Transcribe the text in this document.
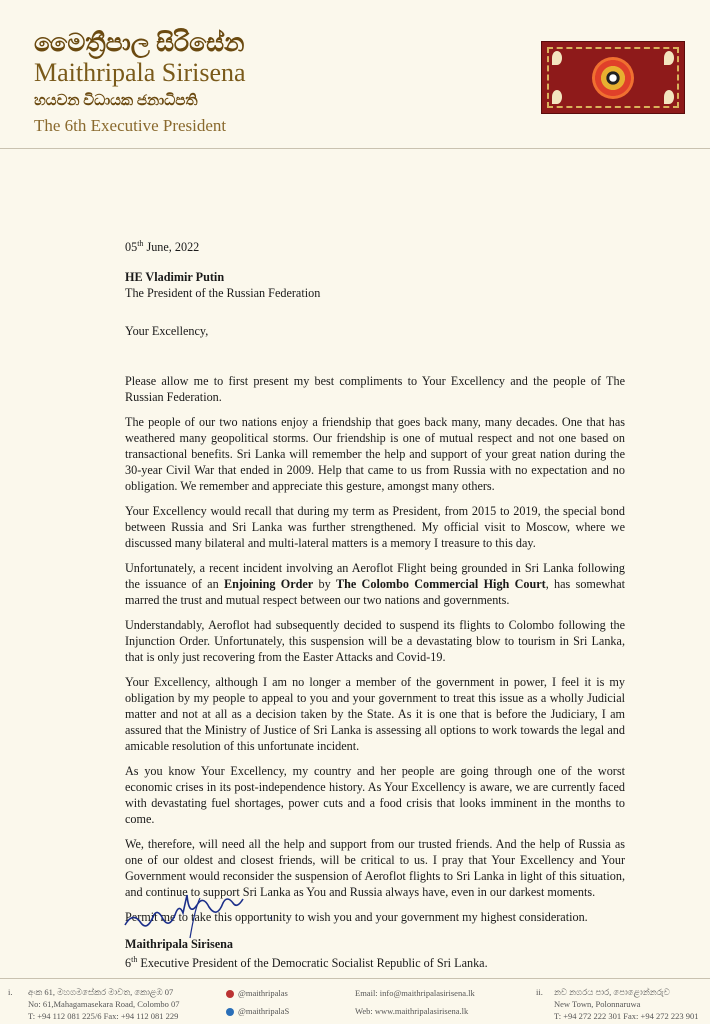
මෛත්‍රීපාල සිරිසේන
Maithripala Sirisena
හයවන විධායක ජනාධිපති
The 6th Executive President

05th June, 2022

HE Vladimir Putin

The President of the Russian Federation

Your Excellency,

Please allow me to first present my best compliments to Your Excellency and the people of The Russian Federation.

The people of our two nations enjoy a friendship that goes back many, many decades. One that has weathered many geopolitical storms. Our friendship is one of mutual respect and not one based on transactional benefits. Sri Lanka will remember the help and support of your great nation during the 30-year Civil War that ended in 2009. Help that came to us from Russia with no expectation and no obligation. We remember and appreciate this gesture, amongst many others.

Your Excellency would recall that during my term as President, from 2015 to 2019, the special bond between Russia and Sri Lanka was further strengthened. My official visit to Moscow, where we discussed many bilateral and multi-lateral matters is a memory I treasure to this day.

Unfortunately, a recent incident involving an Aeroflot Flight being grounded in Sri Lanka following the issuance of an Enjoining Order by The Colombo Commercial High Court, has somewhat marred the trust and mutual respect between our two nations and governments.

Understandably, Aeroflot had subsequently decided to suspend its flights to Colombo following the Injunction Order. Unfortunately, this suspension will be a devastating blow to tourism in Sri Lanka, that is only just recovering from the Easter Attacks and Covid-19.

Your Excellency, although I am no longer a member of the government in power, I feel it is my obligation by my people to appeal to you and your government to treat this issue as a wholly Judicial matter and not at all as a decision taken by the State. As it is one that is before the Judiciary, I am assured that the Ministry of Justice of Sri Lanka is assessing all options to work towards the legal and amicable resolution of this unfortunate incident.

As you know Your Excellency, my country and her people are going through one of the worst economic crises in its post-independence history. As Your Excellency is aware, we are currently faced with devastating fuel shortages, power cuts and a food crisis that looks imminent in the months to come.

We, therefore, will need all the help and support from our trusted friends. And the help of Russia as one of our oldest and closest friends, will be critical to us. I pray that Your Excellency and Your Government would reconsider the suspension of Aeroflot flights to Sri Lanka in light of this situation, and continue to support Sri Lanka as You and Russia always have, even in our darkest moments.

Permit me to take this opportunity to wish you and your government my highest consideration.

Maithripala Sirisena
6th Executive President of the Democratic Socialist Republic of Sri Lanka.
i. අංක 61, මහගමසේකර මාවත, කොළඹ 07
No: 61,Mahagamasekara Road, Colombo 07
T: +94 112 081 225/6 Fax: +94 112 081 229
@maithripalas
@maithripalaS
Email: info@maithripalasirisena.lk
Web: www.maithripalasirisena.lk
ii. නව නගරය පාර, පොළොන්නරුව
New Town, Polonnaruwa
T: +94 272 222 301 Fax: +94 272 223 901
